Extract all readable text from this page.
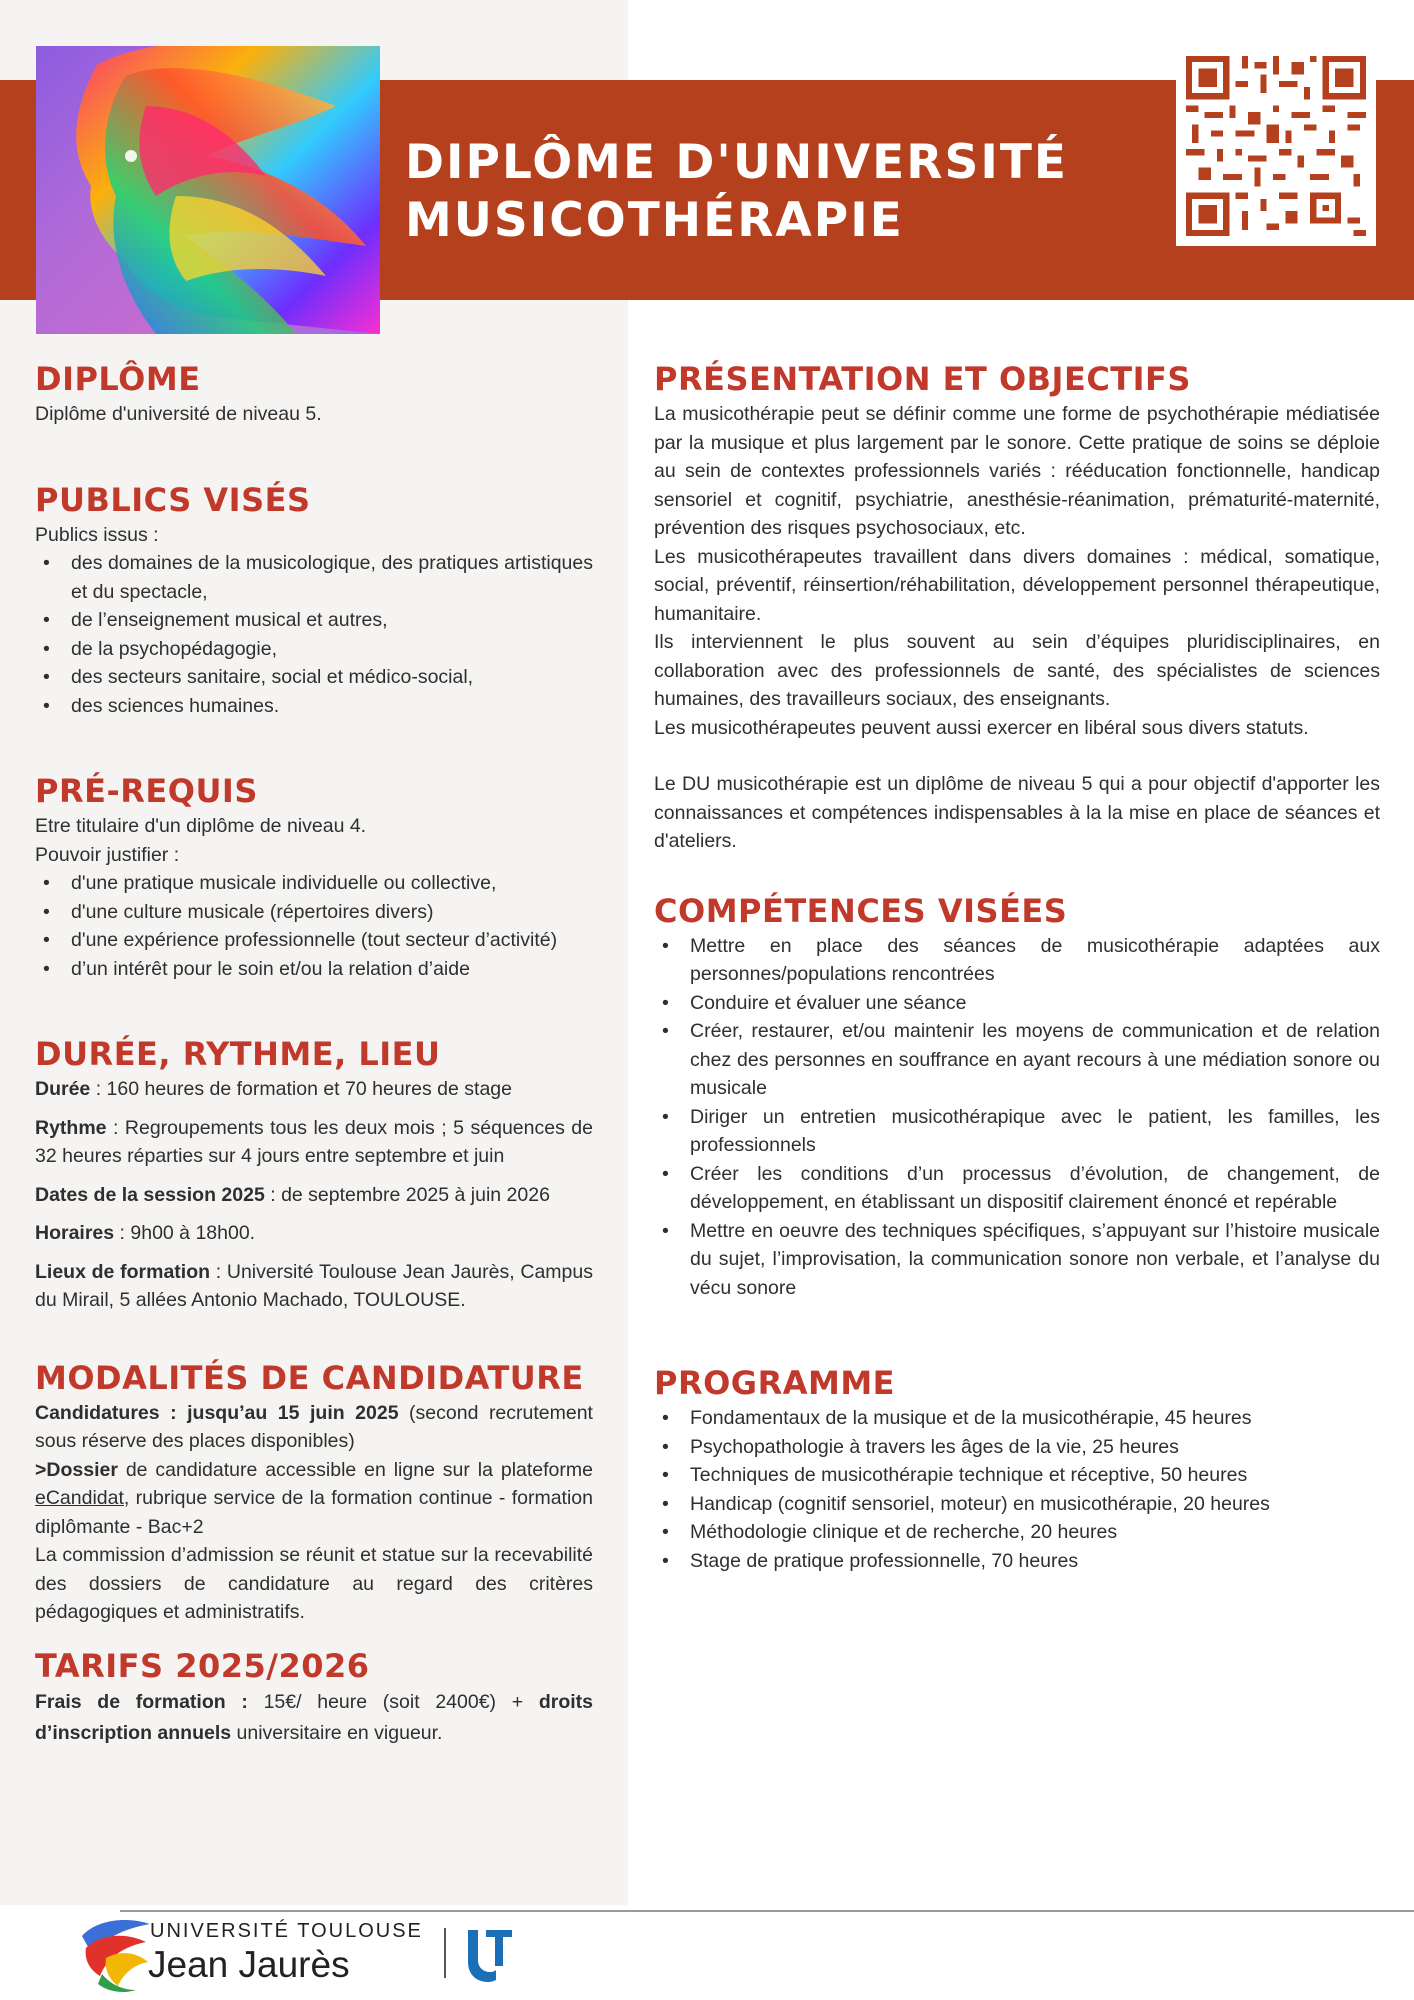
DIPLÔME D'UNIVERSITÉ
MUSICOTHÉRAPIE
DIPLÔME

Diplôme d'université de niveau 5.

PUBLICS VISÉS

Publics issus :

• des domaines de la musicologique, des pratiques artistiques et du spectacle,
• de l’enseignement musical et autres,
• de la psychopédagogie,
• des secteurs sanitaire, social et médico-social,
• des sciences humaines.
PRÉ-REQUIS

Etre titulaire d'un diplôme de niveau 4.

Pouvoir justifier :

• d'une pratique musicale individuelle ou collective,
• d'une culture musicale (répertoires divers)
• d'une expérience professionnelle (tout secteur d’activité)
• d’un intérêt pour le soin et/ou la relation d’aide
DURÉE, RYTHME, LIEU

Durée : 160 heures de formation et 70 heures de stage

Rythme : Regroupements tous les deux mois ; 5 séquences de 32 heures réparties sur 4 jours entre septembre et juin

Dates de la session 2025 : de septembre 2025 à juin 2026

Horaires : 9h00 à 18h00.

Lieux de formation : Université Toulouse Jean Jaurès, Campus du Mirail, 5 allées Antonio Machado, TOULOUSE.

MODALITÉS DE CANDIDATURE

Candidatures : jusqu’au 15 juin 2025 (second recrutement sous réserve des places disponibles)

>Dossier de candidature accessible en ligne sur la plateforme eCandidat, rubrique service de la formation continue - formation diplômante - Bac+2

La commission d’admission se réunit et statue sur la recevabilité des dossiers de candidature au regard des critères pédagogiques et administratifs.

TARIFS 2025/2026

Frais de formation : 15€/ heure (soit 2400€) + droits d’inscription annuels universitaire en vigueur.

PRÉSENTATION ET OBJECTIFS

La musicothérapie peut se définir comme une forme de psychothérapie médiatisée par la musique et plus largement par le sonore. Cette pratique de soins se déploie au sein de contextes professionnels variés : rééducation fonctionnelle, handicap sensoriel et cognitif, psychiatrie, anesthésie-réanimation, prématurité-maternité, prévention des risques psychosociaux, etc.

Les musicothérapeutes travaillent dans divers domaines : médical, somatique, social, préventif, réinsertion/réhabilitation, développement personnel thérapeutique, humanitaire.

Ils interviennent le plus souvent au sein d’équipes pluridisciplinaires, en collaboration avec des professionnels de santé, des spécialistes de sciences humaines, des travailleurs sociaux, des enseignants.

Les musicothérapeutes peuvent aussi exercer en libéral sous divers statuts.

Le DU musicothérapie est un diplôme de niveau 5 qui a pour objectif d'apporter les connaissances et compétences indispensables à la la mise en place de séances et d'ateliers.

COMPÉTENCES VISÉES
• Mettre en place des séances de musicothérapie adaptées aux personnes/populations rencontrées
• Conduire et évaluer une séance
• Créer, restaurer, et/ou maintenir les moyens de communication et de relation chez des personnes en souffrance en ayant recours à une médiation sonore ou musicale
• Diriger un entretien musicothérapique avec le patient, les familles, les professionnels
• Créer les conditions d’un processus d’évolution, de changement, de développement, en établissant un dispositif clairement énoncé et repérable
• Mettre en oeuvre des techniques spécifiques, s’appuyant sur l’histoire musicale du sujet, l’improvisation, la communication sonore non verbale, et l’analyse du vécu sonore
PROGRAMME
• Fondamentaux de la musique et de la musicothérapie, 45 heures
• Psychopathologie à travers les âges de la vie, 25 heures
• Techniques de musicothérapie technique et réceptive, 50 heures
• Handicap (cognitif sensoriel, moteur) en musicothérapie, 20 heures
• Méthodologie clinique et de recherche, 20 heures
• Stage de pratique professionnelle, 70 heures
UNIVERSITÉ TOULOUSE
Jean Jaurès
